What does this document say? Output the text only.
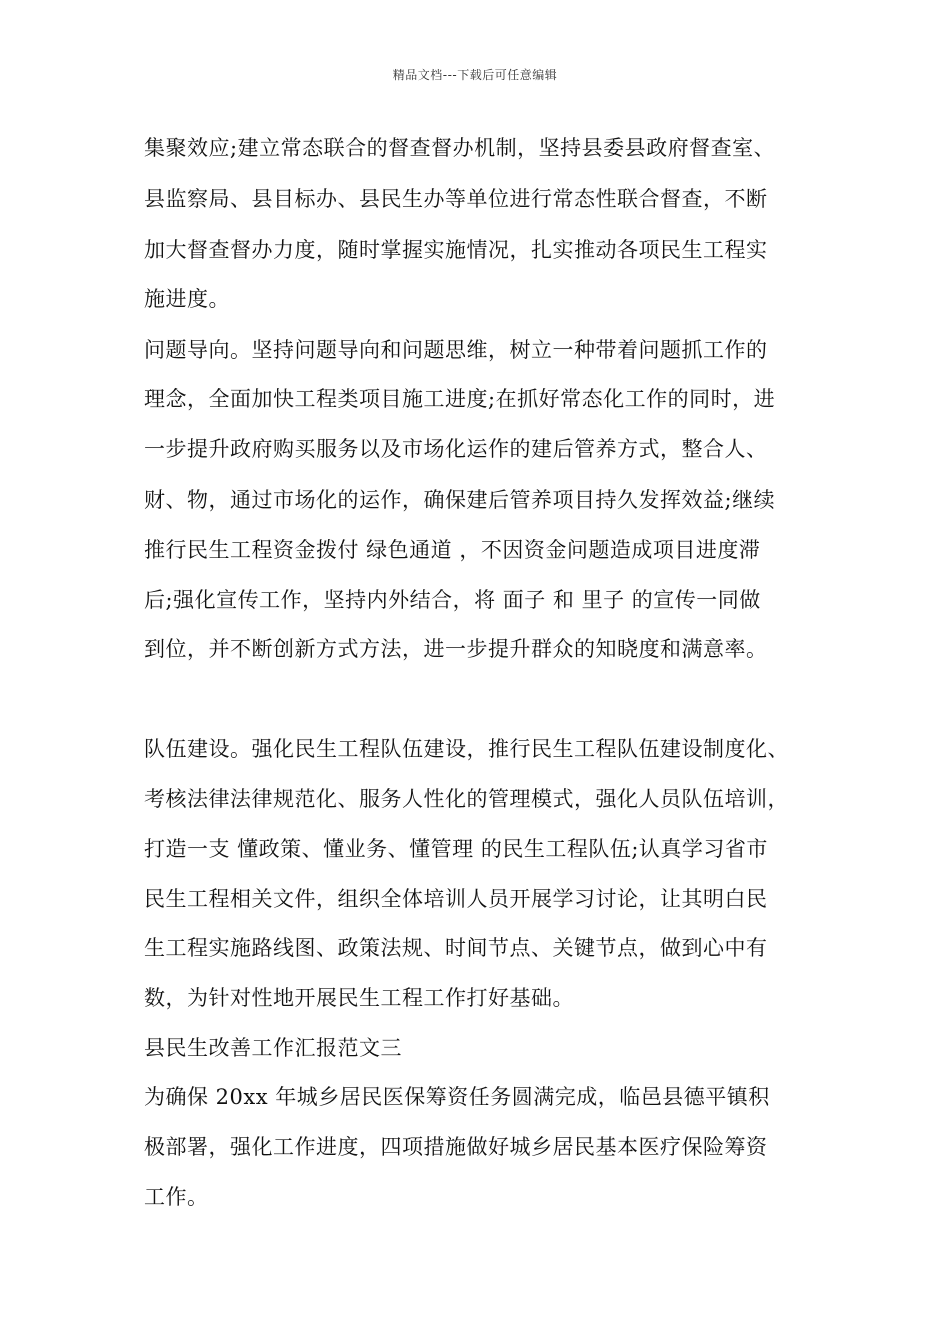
精品文档---下载后可任意编辑
集聚效应;建立常态联合的督查督办机制，坚持县委县政府督查室、
县监察局、县目标办、县民生办等单位进行常态性联合督查，不断
加大督查督办力度，随时掌握实施情况，扎实推动各项民生工程实
施进度。
问题导向。坚持问题导向和问题思维，树立一种带着问题抓工作的
理念，全面加快工程类项目施工进度;在抓好常态化工作的同时，进
一步提升政府购买服务以及市场化运作的建后管养方式，整合人、
财、物，通过市场化的运作，确保建后管养项目持久发挥效益;继续
推行民生工程资金拨付 绿色通道 ，不因资金问题造成项目进度滞
后;强化宣传工作，坚持内外结合，将 面子 和 里子 的宣传一同做
到位，并不断创新方式方法，进一步提升群众的知晓度和满意率。
队伍建设。强化民生工程队伍建设，推行民生工程队伍建设制度化、
考核法律法律规范化、服务人性化的管理模式，强化人员队伍培训，
打造一支 懂政策、懂业务、懂管理 的民生工程队伍;认真学习省市
民生工程相关文件，组织全体培训人员开展学习讨论，让其明白民
生工程实施路线图、政策法规、时间节点、关键节点，做到心中有
数，为针对性地开展民生工程工作打好基础。
县民生改善工作汇报范文三
为确保 20xx 年城乡居民医保筹资任务圆满完成，临邑县德平镇积
极部署，强化工作进度，四项措施做好城乡居民基本医疗保险筹资
工作。
